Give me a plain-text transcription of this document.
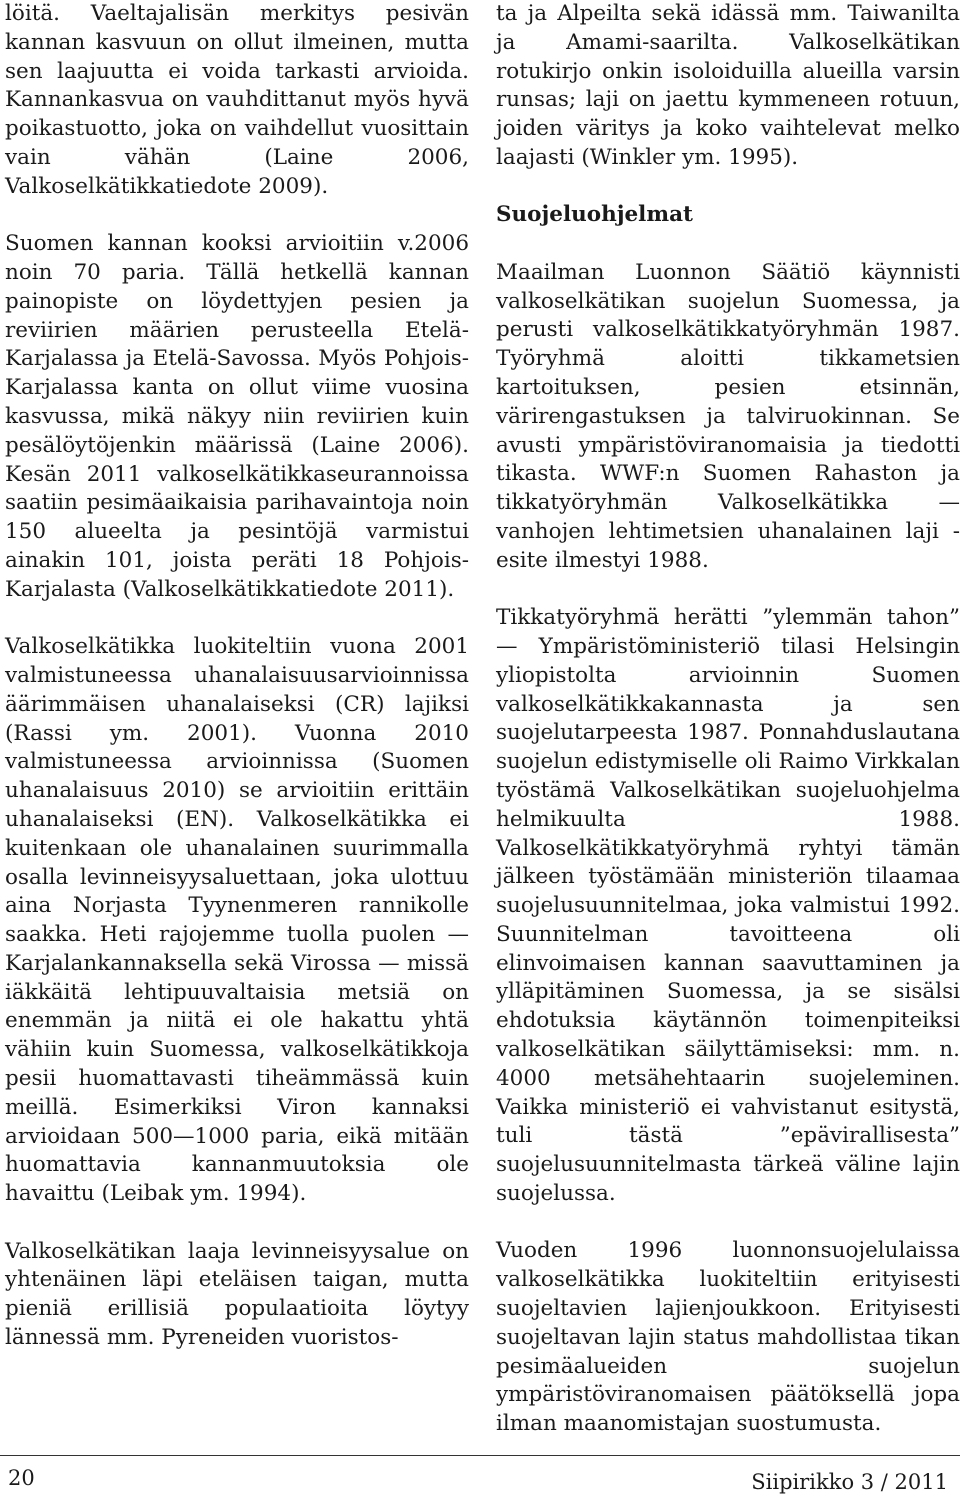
löitä. Vaeltajalisän merkitys pesivän kannan kasvuun on ollut ilmeinen, mutta sen laajuutta ei voida tarkasti arvioida. Kannankasvua on vauhdittanut myös hyvä poikastuotto, joka on vaihdellut vuosittain vain vähän (Laine 2006, Valkoselkätikkatiedote 2009).

Suomen kannan kooksi arvioitiin v.2006 noin 70 paria. Tällä hetkellä kannan painopiste on löydettyjen pesien ja reviirien määrien perusteella Etelä-Karjalassa ja Etelä-Savossa. Myös Pohjois-Karjalassa kanta on ollut viime vuosina kasvussa, mikä näkyy niin reviirien kuin pesälöytöjenkin määrissä (Laine 2006). Kesän 2011 valkoselkätikkaseurannoissa saatiin pesimäaikaisia parihavaintoja noin 150 alueelta ja pesintöjä varmistui ainakin 101, joista peräti 18 Pohjois-Karjalasta (Valkoselkätikkatiedote 2011).

Valkoselkätikka luokiteltiin vuona 2001 valmistuneessa uhanalaisuusarvioinnissa äärimmäisen uhanalaiseksi (CR) lajiksi (Rassi ym. 2001). Vuonna 2010 valmistuneessa arvioinnissa (Suomen uhanalaisuus 2010) se arvioitiin erittäin uhanalaiseksi (EN). Valkoselkätikka ei kuitenkaan ole uhanalainen suurimmalla osalla levinneisyysaluettaan, joka ulottuu aina Norjasta Tyynenmeren rannikolle saakka. Heti rajojemme tuolla puolen — Karjalankannaksella sekä Virossa — missä iäkkäitä lehtipuuvaltaisia metsiä on enemmän ja niitä ei ole hakattu yhtä vähiin kuin Suomessa, valkoselkätikkoja pesii huomattavasti tiheämmässä kuin meillä. Esimerkiksi Viron kannaksi arvioidaan 500—1000 paria, eikä mitään huomattavia kannanmuutoksia ole havaittu (Leibak ym. 1994).

Valkoselkätikan laaja levinneisyysalue on yhtenäinen läpi eteläisen taigan, mutta pieniä erillisiä populaatioita löytyy lännessä mm. Pyreneiden vuoristos-

ta ja Alpeilta sekä idässä mm. Taiwanilta ja Amami-saarilta. Valkoselkätikan rotukirjo onkin isoloiduilla alueilla varsin runsas; laji on jaettu kymmeneen rotuun, joiden väritys ja koko vaihtelevat melko laajasti (Winkler ym. 1995).

Suojeluohjelmat

Maailman Luonnon Säätiö käynnisti valkoselkätikan suojelun Suomessa, ja perusti valkoselkätikkatyöryhmän 1987. Työryhmä aloitti tikkametsien kartoituksen, pesien etsinnän, värirengastuksen ja talviruokinnan. Se avusti ympäristöviranomaisia ja tiedotti tikasta. WWF:n Suomen Rahaston ja tikkatyöryhmän Valkoselkätikka — vanhojen lehtimetsien uhanalainen laji - esite ilmestyi 1988.

Tikkatyöryhmä herätti ”ylemmän tahon” — Ympäristöministeriö tilasi Helsingin yliopistolta arvioinnin Suomen valkoselkätikkakannasta ja sen suojelutarpeesta 1987. Ponnahduslautana suojelun edistymiselle oli Raimo Virkkalan työstämä Valkoselkätikan suojeluohjelma helmikuulta 1988. Valkoselkätikkatyöryhmä ryhtyi tämän jälkeen työstämään ministeriön tilaamaa suojelusuunnitelmaa, joka valmistui 1992. Suunnitelman tavoitteena oli elinvoimaisen kannan saavuttaminen ja ylläpitäminen Suomessa, ja se sisälsi ehdotuksia käytännön toimenpiteiksi valkoselkätikan säilyttämiseksi: mm. n. 4000 metsähehtaarin suojeleminen. Vaikka ministeriö ei vahvistanut esitystä, tuli tästä ”epävirallisesta” suojelusuunnitelmasta tärkeä väline lajin suojelussa.

Vuoden 1996 luonnonsuojelulaissa valkoselkätikka luokiteltiin erityisesti suojeltavien lajienjoukkoon. Erityisesti suojeltavan lajin status mahdollistaa tikan pesimäalueiden suojelun ympäristöviranomaisen päätöksellä jopa ilman maanomistajan suostumusta.

20	Siipirikko 3 / 2011
